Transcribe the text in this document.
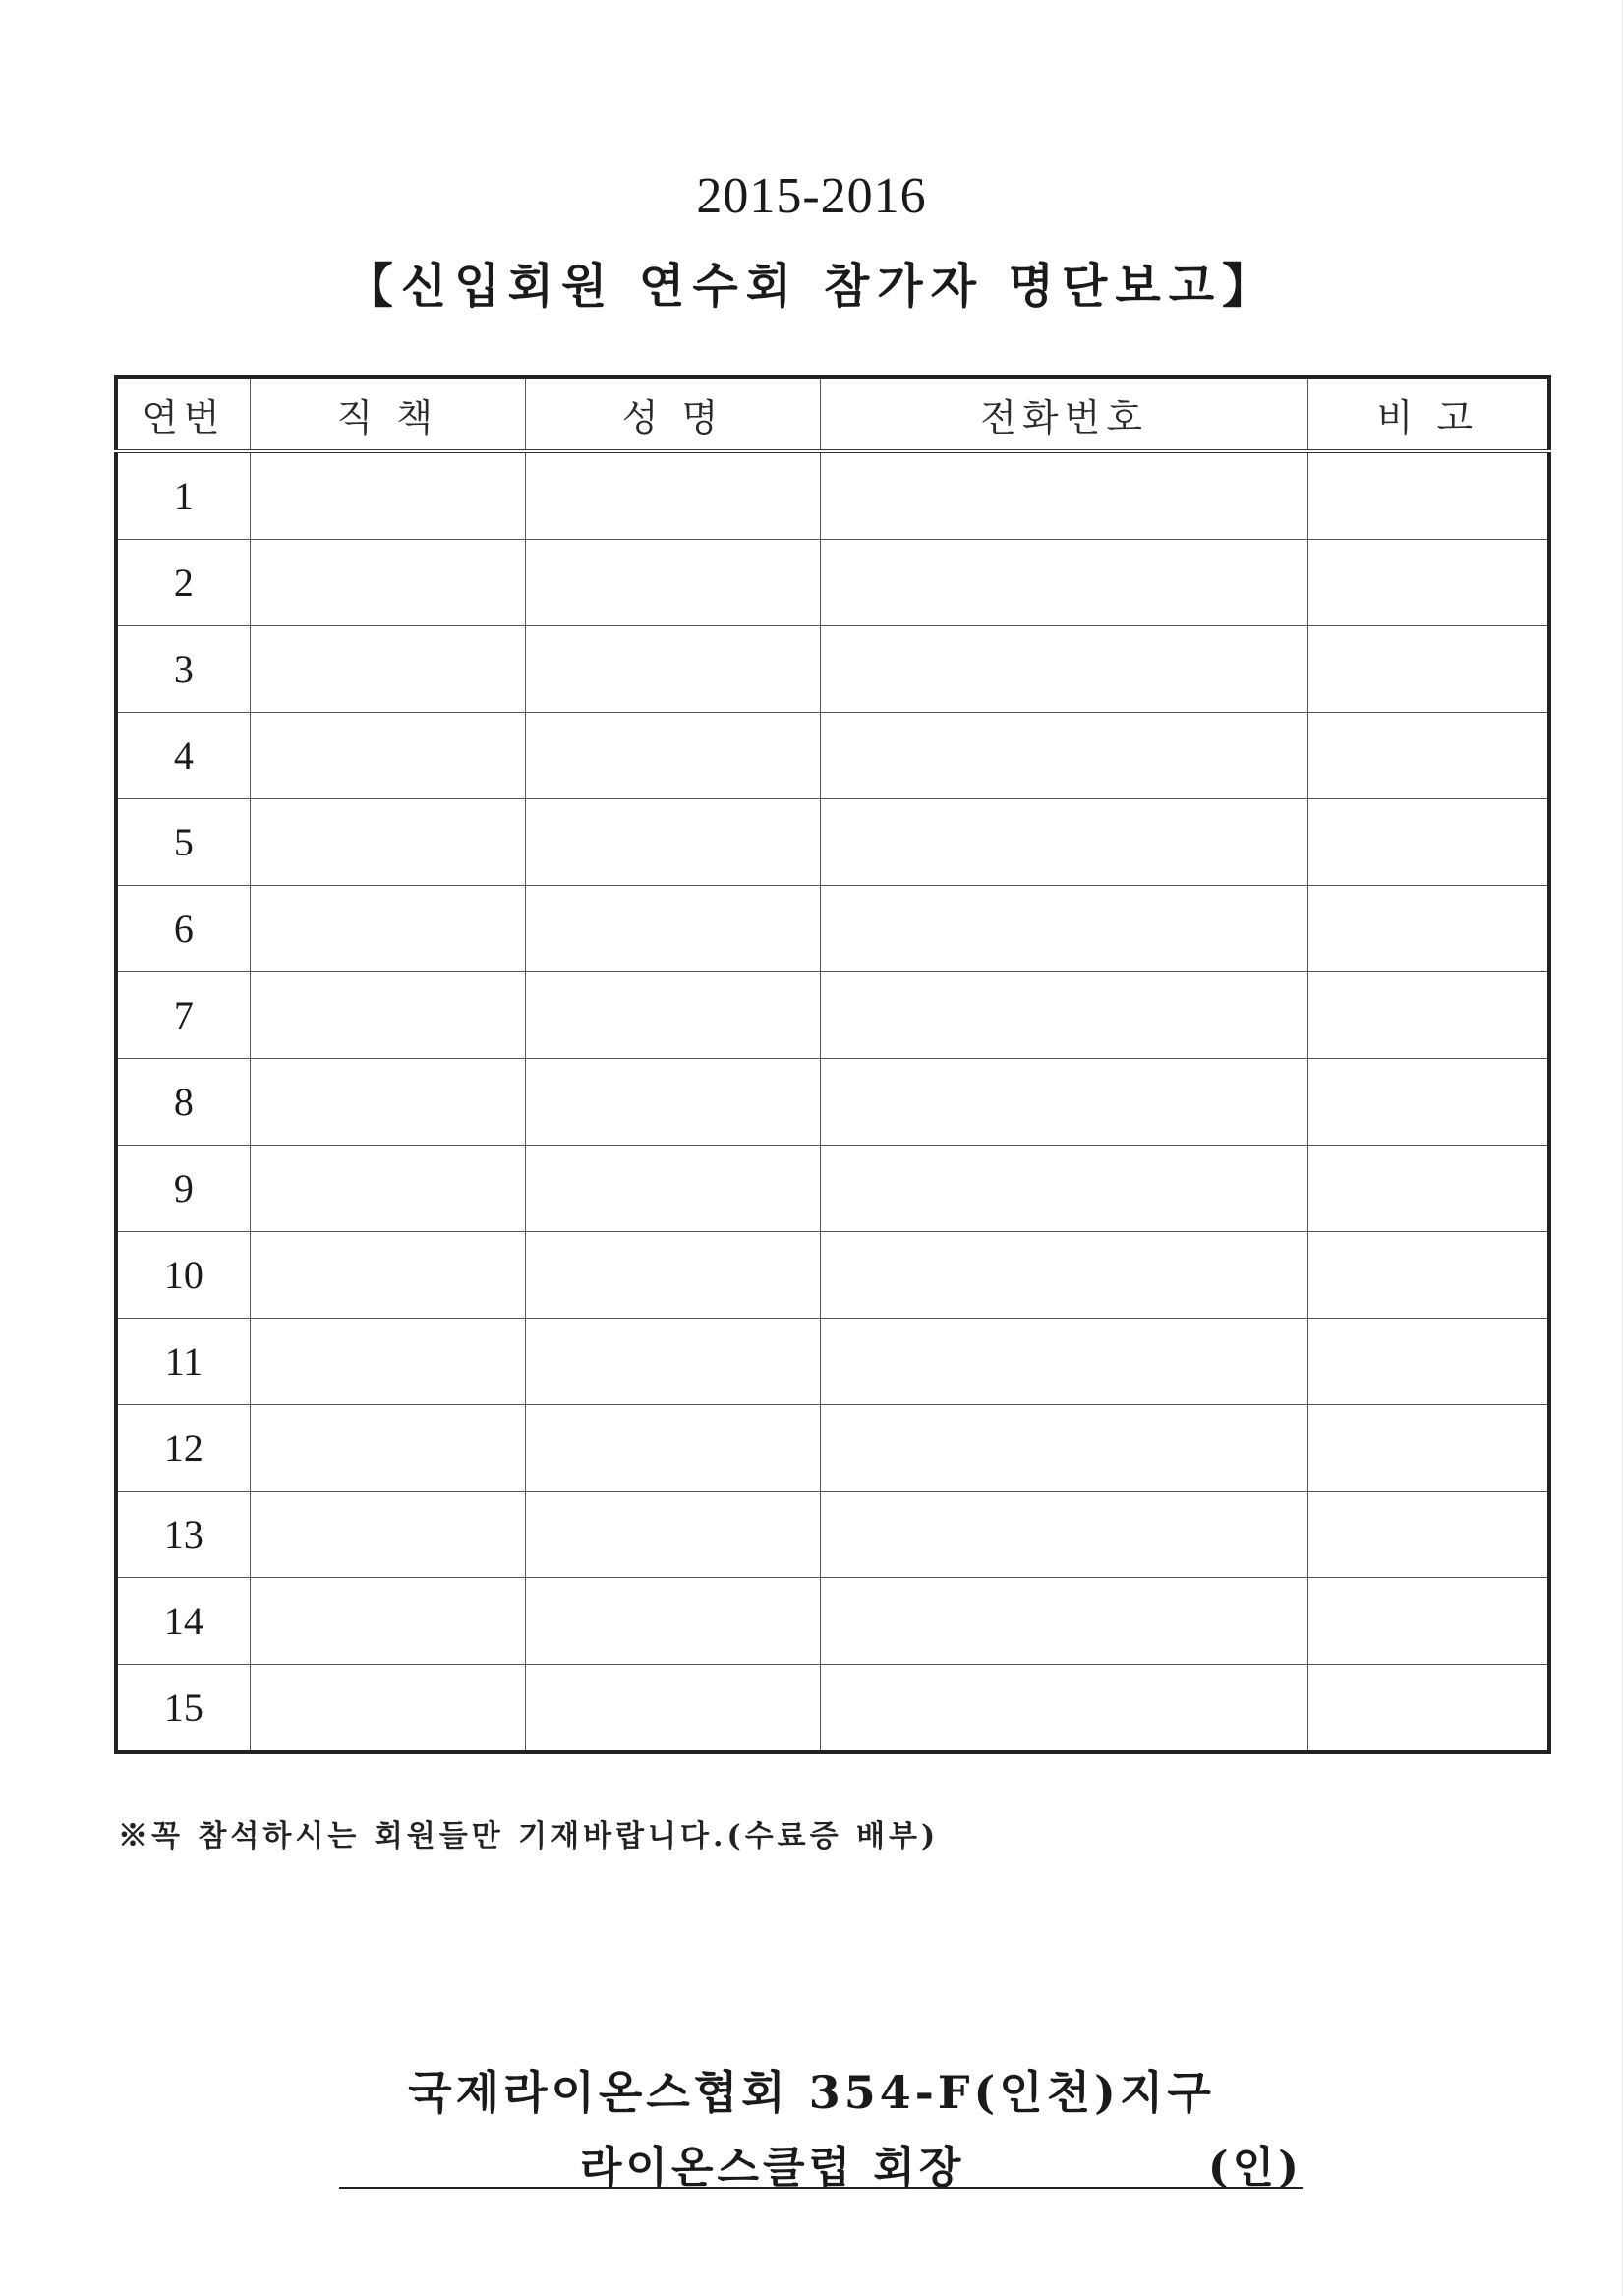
2015-2016
【신입회원 연수회 참가자 명단보고】
연번	직 책	성 명	전화번호	비 고
1				
2				
3				
4				
5				
6				
7				
8				
9				
10				
11				
12				
13				
14				
15				
※꼭 참석하시는 회원들만 기재바랍니다.(수료증 배부)
국제라이온스협회 354-F(인천)지구
라이온스클럽 회장	(인)
